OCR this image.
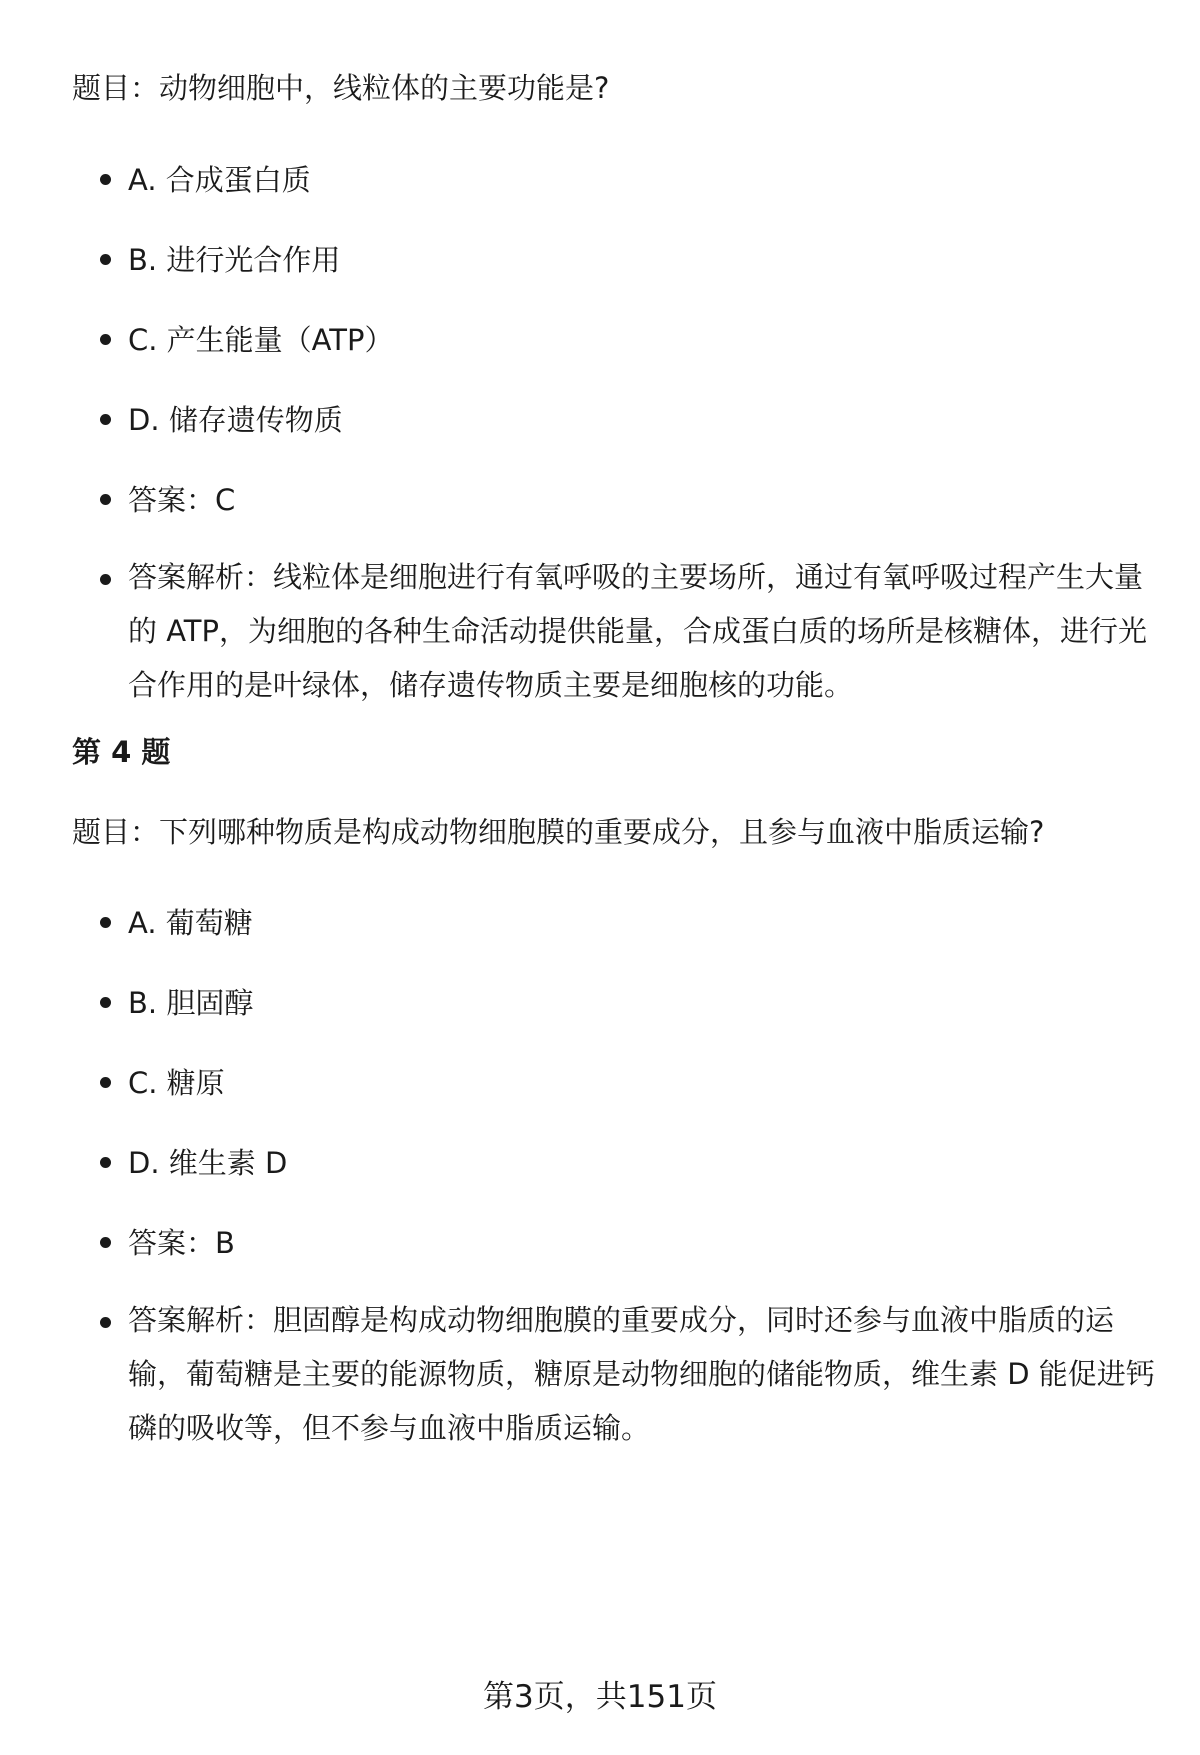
题目：动物细胞中，线粒体的主要功能是?
A. 合成蛋白质
B. 进行光合作用
C. 产生能量（ATP）
D. 储存遗传物质
答案：C
答案解析：线粒体是细胞进行有氧呼吸的主要场所，通过有氧呼吸过程产生大量的 ATP，为细胞的各种生命活动提供能量，合成蛋白质的场所是核糖体，进行光合作用的是叶绿体，储存遗传物质主要是细胞核的功能。
第 4 题
题目：下列哪种物质是构成动物细胞膜的重要成分，且参与血液中脂质运输?
A. 葡萄糖
B. 胆固醇
C. 糖原
D. 维生素 D
答案：B
答案解析：胆固醇是构成动物细胞膜的重要成分，同时还参与血液中脂质的运输，葡萄糖是主要的能源物质，糖原是动物细胞的储能物质，维生素 D 能促进钙磷的吸收等，但不参与血液中脂质运输。
第3页，共151页
